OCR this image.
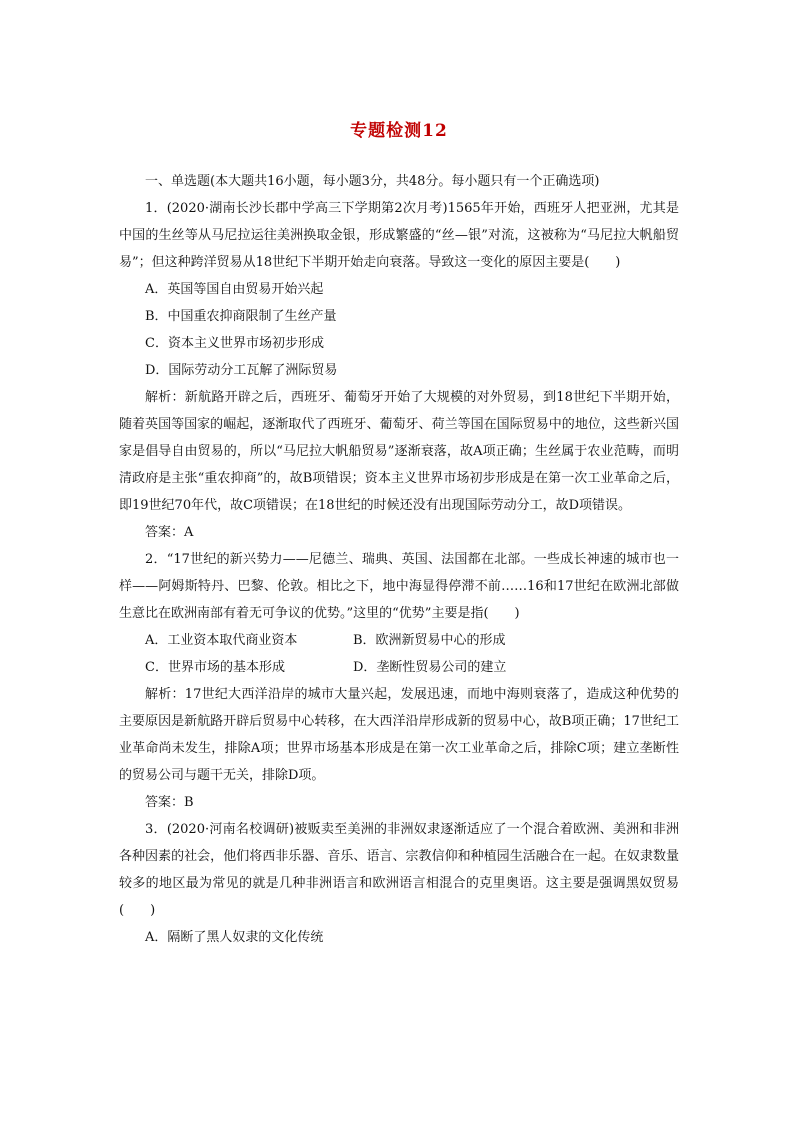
专题检测12

一、单选题(本大题共16小题，每小题3分，共48分。每小题只有一个正确选项)

1．(2020·湖南长沙长郡中学高三下学期第2次月考)1565年开始，西班牙人把亚洲，尤其是中国的生丝等从马尼拉运往美洲换取金银，形成繁盛的“丝—银”对流，这被称为“马尼拉大帆船贸易”；但这种跨洋贸易从18世纪下半期开始走向衰落。导致这一变化的原因主要是(　　)

A．英国等国自由贸易开始兴起

B．中国重农抑商限制了生丝产量

C．资本主义世界市场初步形成

D．国际劳动分工瓦解了洲际贸易

解析：新航路开辟之后，西班牙、葡萄牙开始了大规模的对外贸易，到18世纪下半期开始，随着英国等国家的崛起，逐渐取代了西班牙、葡萄牙、荷兰等国在国际贸易中的地位，这些新兴国家是倡导自由贸易的，所以“马尼拉大帆船贸易”逐渐衰落，故A项正确；生丝属于农业范畴，而明清政府是主张“重农抑商”的，故B项错误；资本主义世界市场初步形成是在第一次工业革命之后，即19世纪70年代，故C项错误；在18世纪的时候还没有出现国际劳动分工，故D项错误。

答案：A

2．“17世纪的新兴势力——尼德兰、瑞典、英国、法国都在北部。一些成长神速的城市也一样——阿姆斯特丹、巴黎、伦敦。相比之下，地中海显得停滞不前……16和17世纪在欧洲北部做生意比在欧洲南部有着无可争议的优势。”这里的“优势”主要是指(　　)

A．工业资本取代商业资本	B．欧洲新贸易中心的形成
C．世界市场的基本形成	D．垄断性贸易公司的建立

解析：17世纪大西洋沿岸的城市大量兴起，发展迅速，而地中海则衰落了，造成这种优势的主要原因是新航路开辟后贸易中心转移，在大西洋沿岸形成新的贸易中心，故B项正确；17世纪工业革命尚未发生，排除A项；世界市场基本形成是在第一次工业革命之后，排除C项；建立垄断性的贸易公司与题干无关，排除D项。

答案：B

3．(2020·河南名校调研)被贩卖至美洲的非洲奴隶逐渐适应了一个混合着欧洲、美洲和非洲各种因素的社会，他们将西非乐器、音乐、语言、宗教信仰和种植园生活融合在一起。在奴隶数量较多的地区最为常见的就是几种非洲语言和欧洲语言相混合的克里奥语。这主要是强调黑奴贸易(　　)

A．隔断了黑人奴隶的文化传统
